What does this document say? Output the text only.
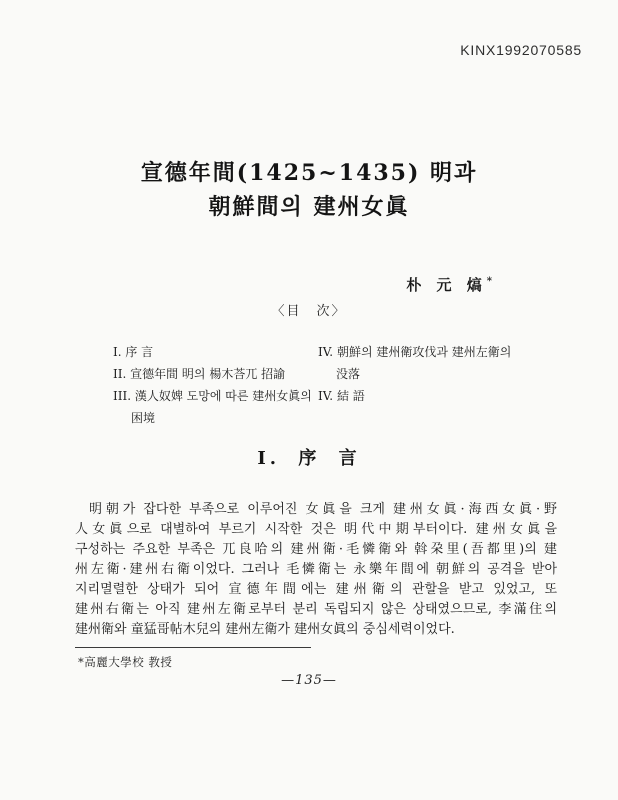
KINX1992070585
宣德年間(1425~1435) 明과
朝鮮間의 建州女眞
朴 元 熇*
〈目　次〉
I. 序 言
II. 宣德年間 明의 楊木荅兀 招諭
III. 漢人奴婢 도망에 따른 建州女眞의
困境
IV. 朝鮮의 建州衛攻伐과 建州左衛의
没落
IV. 結 語
I. 序 言
明朝가 잡다한 부족으로 이루어진 女眞을 크게 建州女眞·海西女眞·野
人女眞으로 대별하여 부르기 시작한 것은 明代中期부터이다. 建州女眞을
구성하는 주요한 부족은 兀良哈의 建州衛·毛憐衛와 斡朶里(吾都里)의 建
州左衛·建州右衛이었다. 그러나 毛憐衛는 永樂年間에 朝鮮의 공격을 받아
지리멸렬한 상태가 되어 宣德年間에는 建州衛의 관할을 받고 있었고, 또
建州右衛는 아직 建州左衛로부터 분리 독립되지 않은 상태였으므로, 李滿住의
建州衛와 童猛哥帖木兒의 建州左衛가 建州女眞의 중심세력이었다.
*高麗大學校 教授
—135—
